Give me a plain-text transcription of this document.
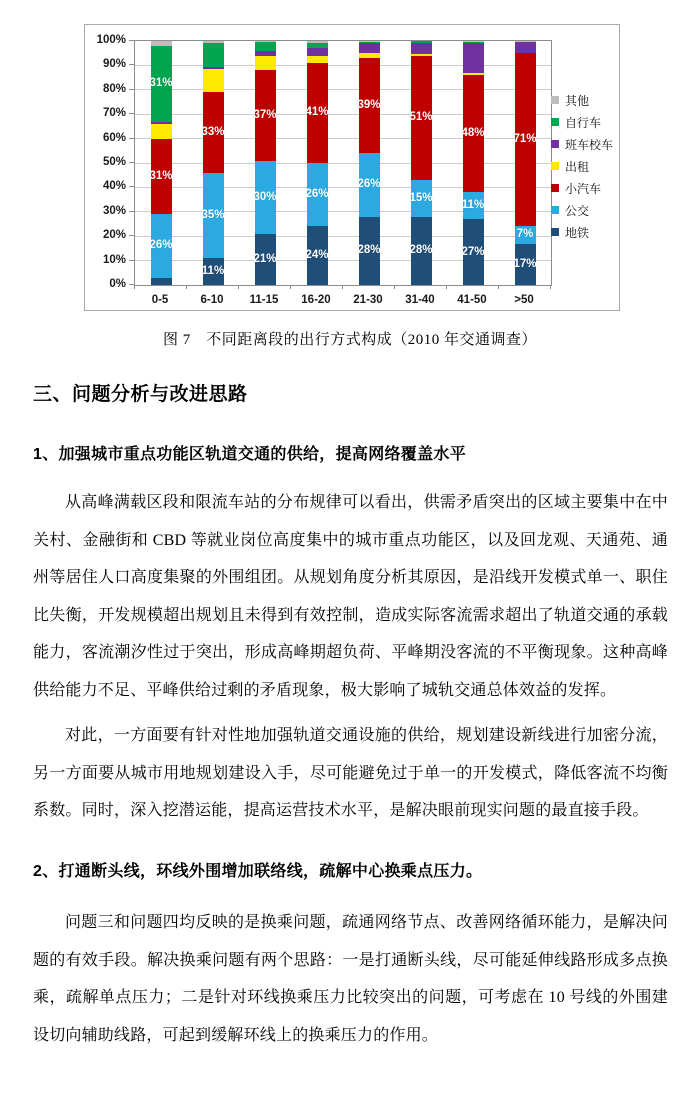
26%
31%
31%
11%
35%
33%
21%
30%
37%
24%
26%
41%
28%
26%
39%
28%
15%
51%
27%
11%
48%
17%
7%
71%
其他
自行车
班车校车
出租
小汽车
公交
地铁
0%
10%
20%
30%
40%
50%
60%
70%
80%
90%
100%
0-5	6-10	11-15	16-20	21-30	31-40	41-50	>50
图 7　不同距离段的出行方式构成（2010 年交通调查）
三、问题分析与改进思路
1、加强城市重点功能区轨道交通的供给，提高网络覆盖水平

从高峰满载区段和限流车站的分布规律可以看出，供需矛盾突出的区域主要集中在中关村、金融街和 CBD 等就业岗位高度集中的城市重点功能区，以及回龙观、天通苑、通州等居住人口高度集聚的外围组团。从规划角度分析其原因，是沿线开发模式单一、职住比失衡，开发规模超出规划且未得到有效控制，造成实际客流需求超出了轨道交通的承载能力，客流潮汐性过于突出，形成高峰期超负荷、平峰期没客流的不平衡现象。这种高峰供给能力不足、平峰供给过剩的矛盾现象，极大影响了城轨交通总体效益的发挥。

对此，一方面要有针对性地加强轨道交通设施的供给，规划建设新线进行加密分流，另一方面要从城市用地规划建设入手，尽可能避免过于单一的开发模式，降低客流不均衡系数。同时，深入挖潜运能，提高运营技术水平，是解决眼前现实问题的最直接手段。

2、打通断头线，环线外围增加联络线，疏解中心换乘点压力。

问题三和问题四均反映的是换乘问题，疏通网络节点、改善网络循环能力，是解决问题的有效手段。解决换乘问题有两个思路：一是打通断头线，尽可能延伸线路形成多点换乘，疏解单点压力；二是针对环线换乘压力比较突出的问题，可考虑在 10 号线的外围建设切向辅助线路，可起到缓解环线上的换乘压力的作用。
